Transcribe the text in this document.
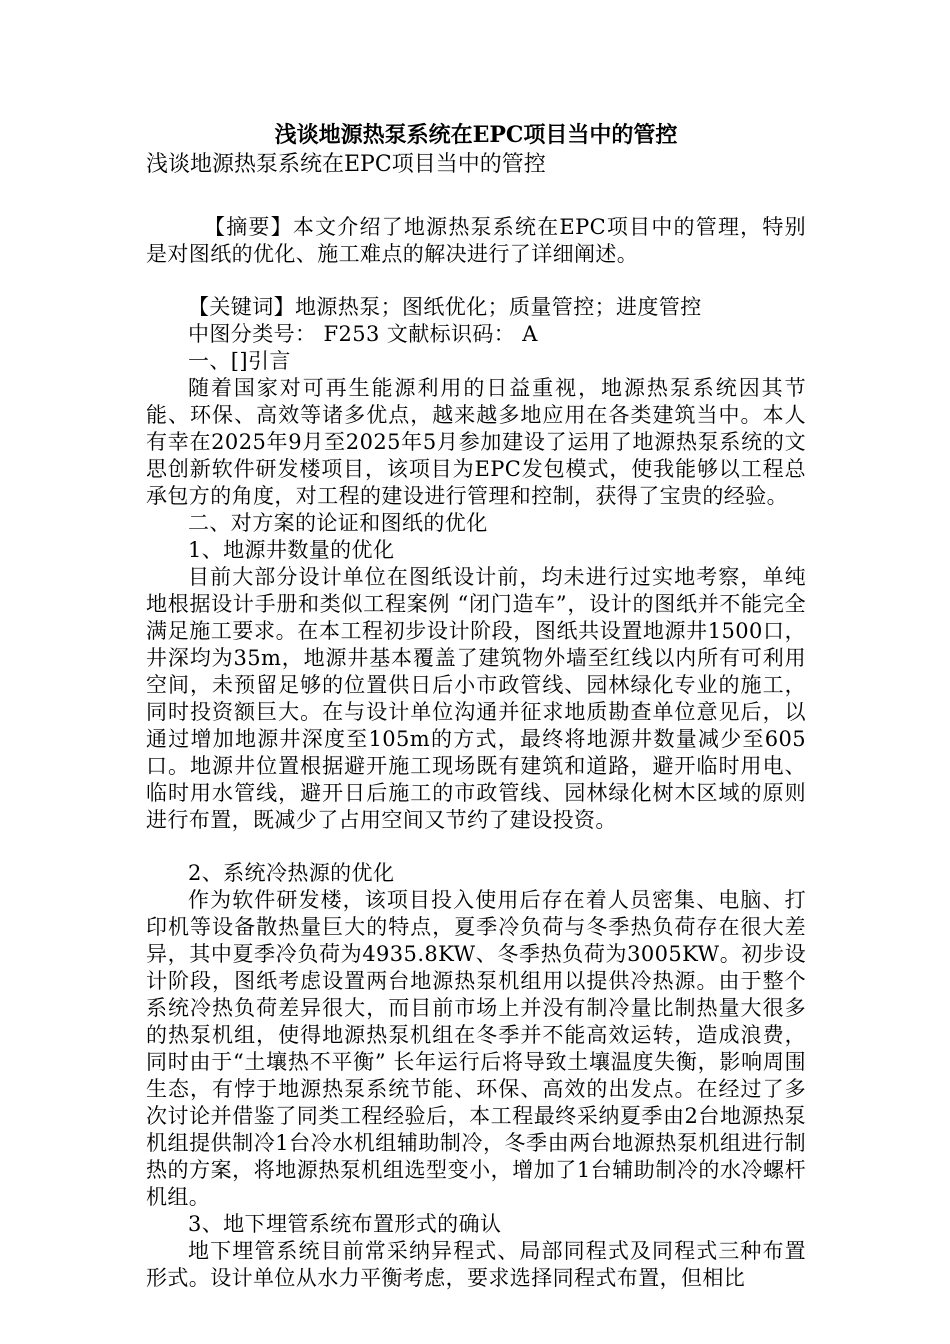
浅谈地源热泵系统在EPC项目当中的管控

浅谈地源热泵系统在EPC项目当中的管控

【摘要】本文介绍了地源热泵系统在EPC项目中的管理，特别是对图纸的优化、施工难点的解决进行了详细阐述。

【关键词】地源热泵；图纸优化；质量管控；进度管控

中图分类号： F253 文献标识码： A

一、[]引言

随着国家对可再生能源利用的日益重视，地源热泵系统因其节能、环保、高效等诸多优点，越来越多地应用在各类建筑当中。本人有幸在2025年9月至2025年5月参加建设了运用了地源热泵系统的文思创新软件研发楼项目，该项目为EPC发包模式，使我能够以工程总承包方的角度，对工程的建设进行管理和控制，获得了宝贵的经验。

二、对方案的论证和图纸的优化

1、地源井数量的优化

目前大部分设计单位在图纸设计前，均未进行过实地考察，单纯地根据设计手册和类似工程案例 “闭门造车”，设计的图纸并不能完全满足施工要求。在本工程初步设计阶段，图纸共设置地源井1500口，井深均为35m，地源井基本覆盖了建筑物外墙至红线以内所有可利用空间，未预留足够的位置供日后小市政管线、园林绿化专业的施工，同时投资额巨大。在与设计单位沟通并征求地质勘查单位意见后，以通过增加地源井深度至105m的方式，最终将地源井数量减少至605口。地源井位置根据避开施工现场既有建筑和道路，避开临时用电、临时用水管线，避开日后施工的市政管线、园林绿化树木区域的原则进行布置，既减少了占用空间又节约了建设投资。

2、系统冷热源的优化

作为软件研发楼，该项目投入使用后存在着人员密集、电脑、打印机等设备散热量巨大的特点，夏季冷负荷与冬季热负荷存在很大差异，其中夏季冷负荷为4935.8KW、冬季热负荷为3005KW。初步设计阶段，图纸考虑设置两台地源热泵机组用以提供冷热源。由于整个系统冷热负荷差异很大，而目前市场上并没有制冷量比制热量大很多的热泵机组，使得地源热泵机组在冬季并不能高效运转，造成浪费，同时由于“土壤热不平衡” 长年运行后将导致土壤温度失衡，影响周围生态，有悖于地源热泵系统节能、环保、高效的出发点。在经过了多次讨论并借鉴了同类工程经验后，本工程最终采纳夏季由2台地源热泵机组提供制冷1台冷水机组辅助制冷，冬季由两台地源热泵机组进行制热的方案，将地源热泵机组选型变小，增加了1台辅助制冷的水冷螺杆机组。

3、地下埋管系统布置形式的确认

地下埋管系统目前常采纳异程式、局部同程式及同程式三种布置形式。设计单位从水力平衡考虑，要求选择同程式布置，但相比
